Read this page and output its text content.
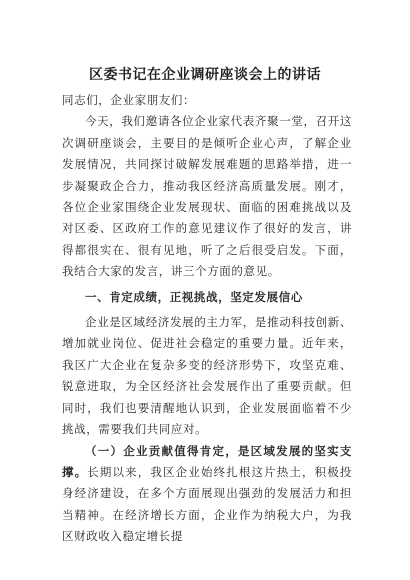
区委书记在企业调研座谈会上的讲话

同志们，企业家朋友们：

今天，我们邀请各位企业家代表齐聚一堂，召开这次调研座谈会，主要目的是倾听企业心声，了解企业发展情况，共同探讨破解发展难题的思路举措，进一步凝聚政企合力，推动我区经济高质量发展。刚才，各位企业家围绕企业发展现状、面临的困难挑战以及对区委、区政府工作的意见建议作了很好的发言，讲得都很实在、很有见地，听了之后很受启发。下面，我结合大家的发言，讲三个方面的意见。

一、肯定成绩，正视挑战，坚定发展信心

企业是区域经济发展的主力军，是推动科技创新、增加就业岗位、促进社会稳定的重要力量。近年来，我区广大企业在复杂多变的经济形势下，攻坚克难、锐意进取，为全区经济社会发展作出了重要贡献。但同时，我们也要清醒地认识到，企业发展面临着不少挑战，需要我们共同应对。

（一）企业贡献值得肯定，是区域发展的坚实支撑。长期以来，我区企业始终扎根这片热土，积极投身经济建设，在多个方面展现出强劲的发展活力和担当精神。在经济增长方面，企业作为纳税大户，为我区财政收入稳定增长提
